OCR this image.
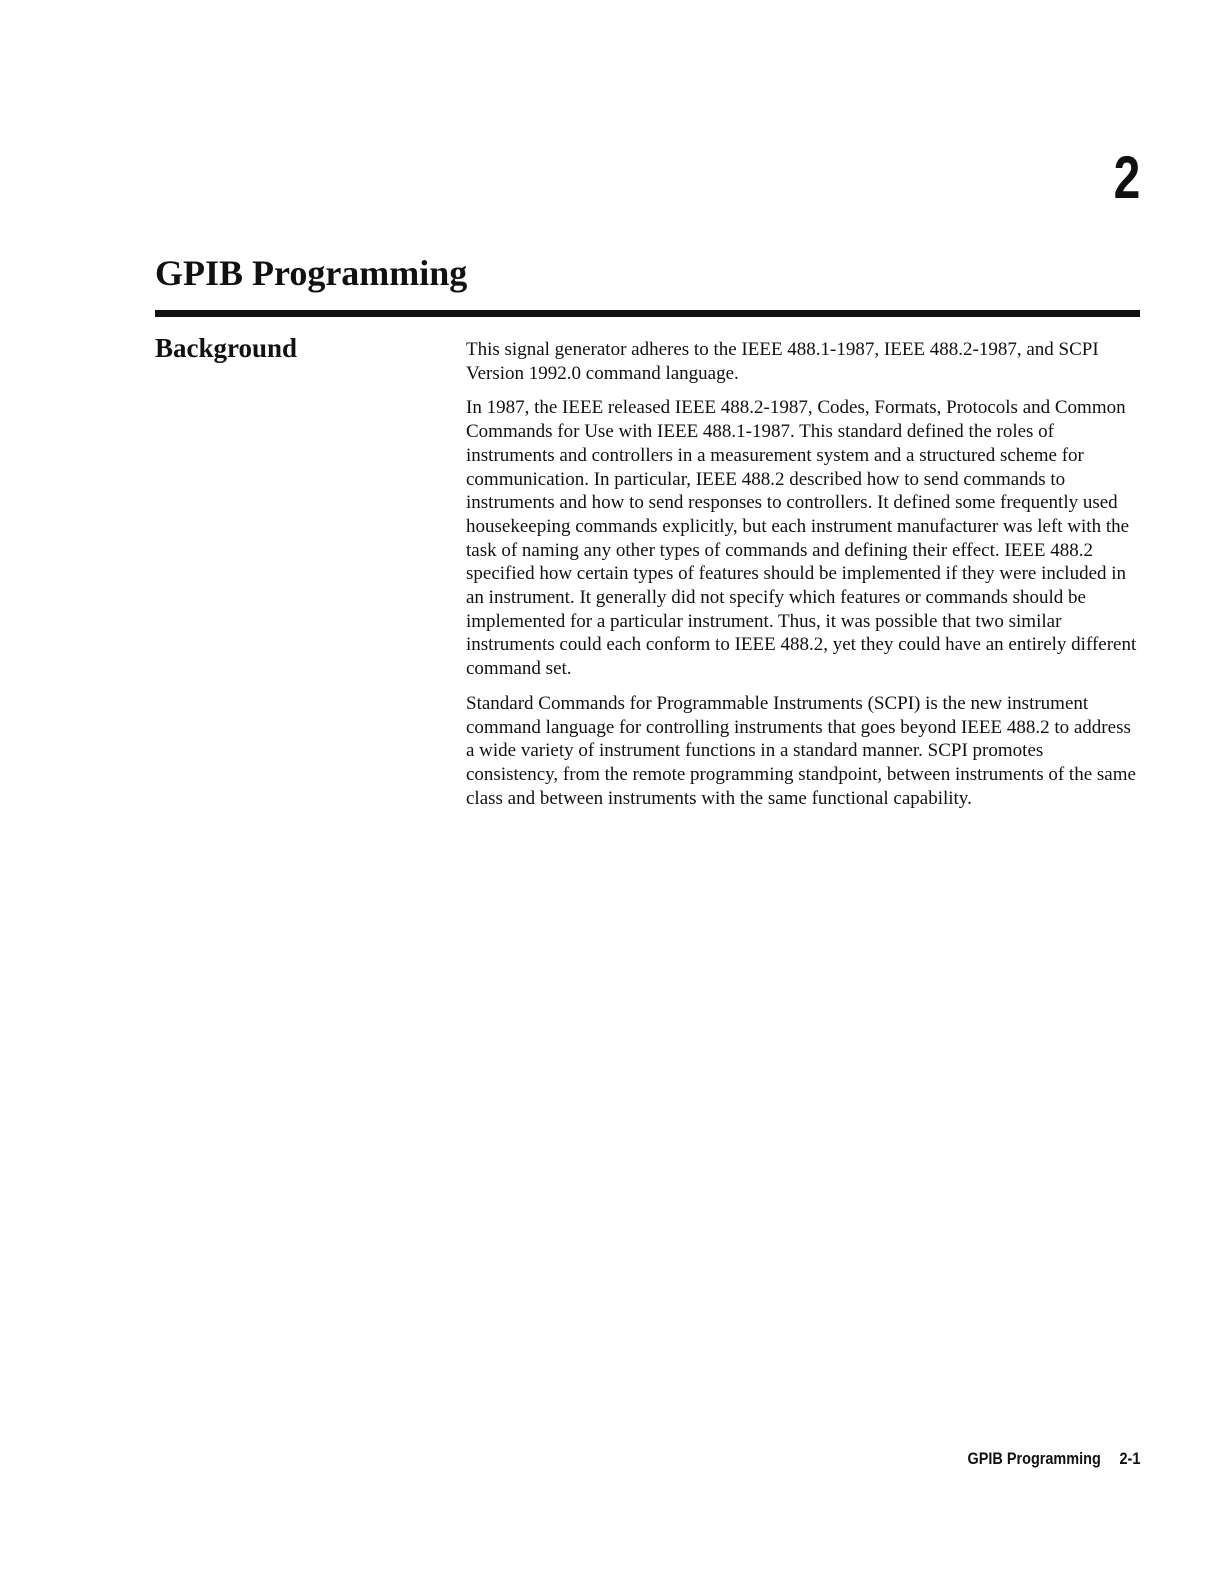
2
GPIB Programming
Background	This signal generator adheres to the IEEE 488.1-1987, IEEE 488.2-1987, and SCPI Version 1992.0 command language.

In 1987, the IEEE released IEEE 488.2-1987, Codes, Formats, Protocols and Common Commands for Use with IEEE 488.1-1987. This standard defined the roles of instruments and controllers in a measurement system and a structured scheme for communication. In particular, IEEE 488.2 described how to send commands to instruments and how to send responses to controllers. It defined some frequently used housekeeping commands explicitly, but each instrument manufacturer was left with the task of naming any other types of commands and defining their effect. IEEE 488.2 specified how certain types of features should be implemented if they were included in an instrument. It generally did not specify which features or commands should be implemented for a particular instrument. Thus, it was possible that two similar instruments could each conform to IEEE 488.2, yet they could have an entirely different command set.

Standard Commands for Programmable Instruments (SCPI) is the new instrument command language for controlling instruments that goes beyond IEEE 488.2 to address a wide variety of instrument functions in a standard manner. SCPI promotes consistency, from the remote programming standpoint, between instruments of the same class and between instruments with the same functional capability.

GPIB Programming 2-1
